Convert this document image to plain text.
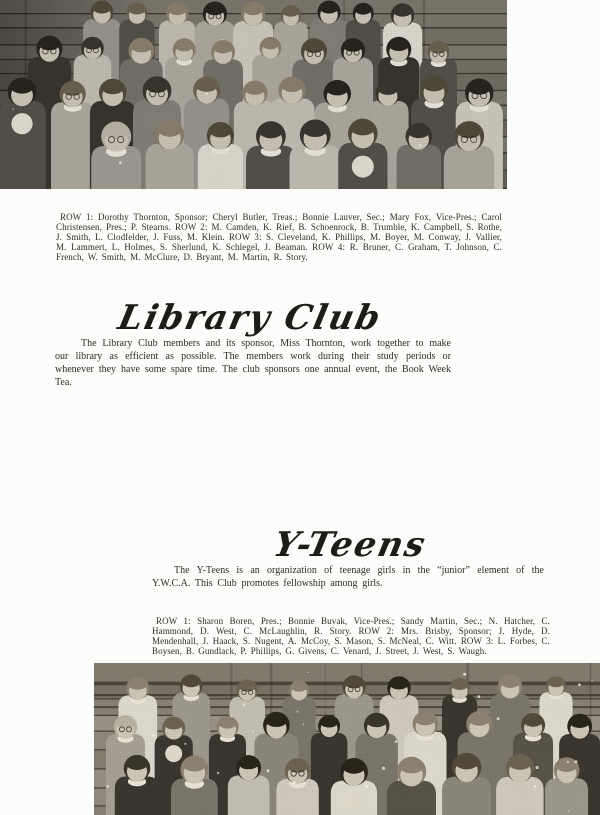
ROW 1: Dorothy Thornton, Sponsor; Cheryl Butler, Treas.; Bonnie Lauver, Sec.; Mary Fox, Vice-Pres.; Carol Christensen, Pres.; P. Stearns. ROW 2: M. Camden, K. Rief, B. Schoenrock, B. Trumble, K. Campbell, S. Rothe, J. Smith, L. Clodfelder, J. Fuss, M. Klein. ROW 3: S. Cleveland, K. Phillips, M. Boyer, M. Conway, J. Vallier, M. Lammert, L. Holmes, S. Sherlund, K. Schlegel, J. Beaman. ROW 4: R. Bruner, C. Graham, T. Johnson, C. French, W. Smith, M. McClure, D. Bryant, M. Martin, R. Story.

Library Club

The Library Club members and its sponsor, Miss Thornton, work together to make our library as efficient as possible. The members work during their study periods or whenever they have some spare time. The club sponsors one annual event, the Book Week Tea.

Y-Teens

The Y-Teens is an organization of teenage girls in the “junior” element of the Y.W.C.A. This Club promotes fellowship among girls.

ROW 1: Sharon Boren, Pres.; Bonnie Buvak, Vice-Pres.; Sandy Martin, Sec.; N. Hatcher, C. Hammond, D. West, C. McLaughlin, R. Story. ROW 2: Mrs. Brisby, Sponsor; J. Hyde, D. Mendenhall, J. Haack, S. Nugent, A. McCoy, S. Mason, S. McNeal, C. Witt. ROW 3: L. Forbes, C. Boysen, B. Gundlack, P. Phillips, G. Givens, C. Venard, J. Street, J. West, S. Waugh.
